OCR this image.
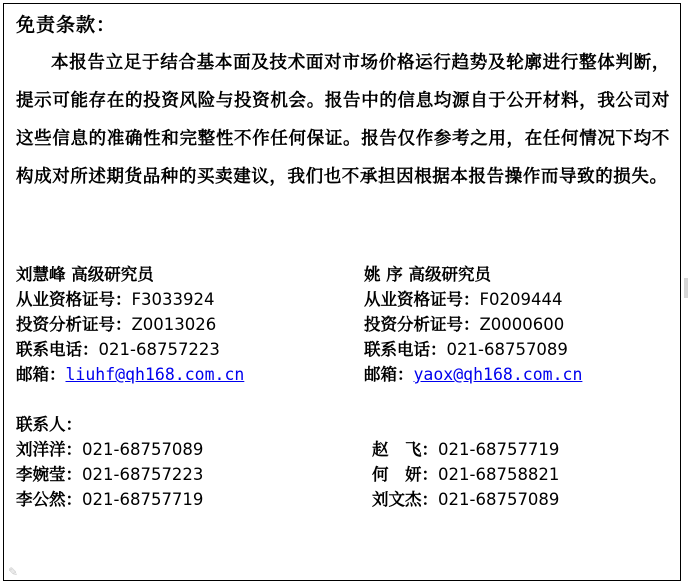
免责条款：
本报告立足于结合基本面及技术面对市场价格运行趋势及轮廓进行整体判断，提示可能存在的投资风险与投资机会。报告中的信息均源自于公开材料，我公司对这些信息的准确性和完整性不作任何保证。报告仅作参考之用，在任何情况下均不构成对所述期货品种的买卖建议，我们也不承担因根据本报告操作而导致的损失。
刘慧峰 高级研究员
从业资格证号：F3033924
投资分析证号：Z0013026
联系电话：021-68757223
邮箱：liuhf@qh168.com.cn
姚 序 高级研究员
从业资格证号：F0209444
投资分析证号：Z0000600
联系电话：021-68757089
邮箱：yaox@qh168.com.cn
联系人：
刘洋洋：021-68757089
李婉莹：021-68757223
李公然：021-68757719

赵　飞：021-68757719
何　妍：021-68758821
刘文杰：021-68757089
✎
